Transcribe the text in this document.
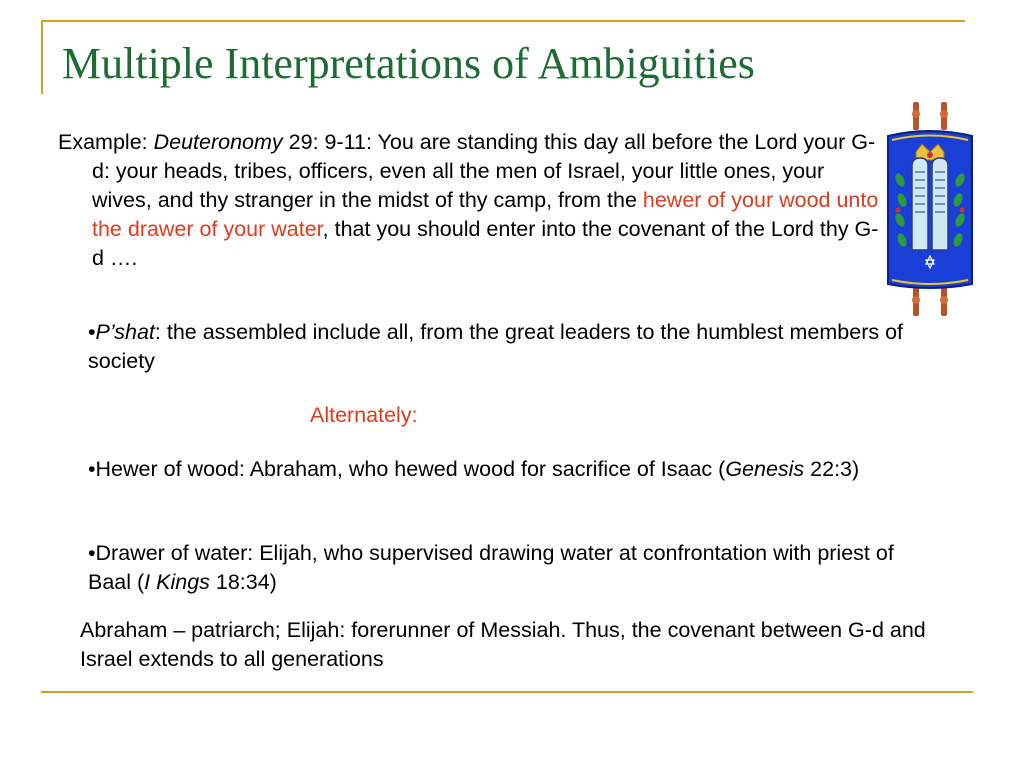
Multiple Interpretations of Ambiguities
Example: Deuteronomy 29: 9-11: You are standing this day all before the Lord your G-d: your heads, tribes, officers, even all the men of Israel, your little ones, your wives, and thy stranger in the midst of thy camp, from the hewer of your wood unto the drawer of your water, that you should enter into the covenant of the Lord thy G-d ….
•P’shat: the assembled include all, from the great leaders to the humblest members of society
Alternately:
•Hewer of wood: Abraham, who hewed wood for sacrifice of Isaac (Genesis 22:3)
•Drawer of water: Elijah, who supervised drawing water at confrontation with priest of Baal (I Kings 18:34)
Abraham – patriarch; Elijah: forerunner of Messiah. Thus, the covenant between G-d and Israel extends to all generations
